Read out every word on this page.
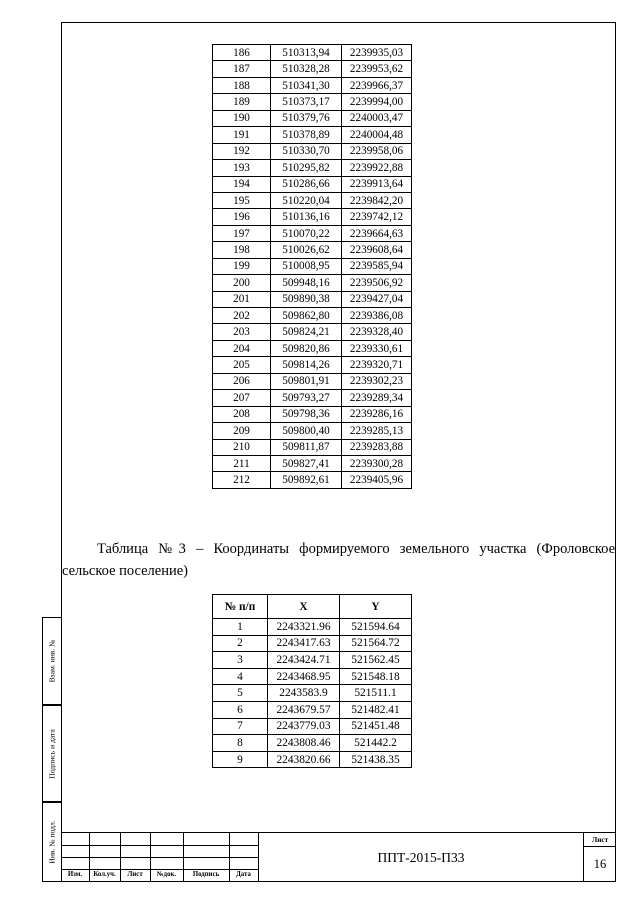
186	510313,94	2239935,03
187	510328,28	2239953,62
188	510341,30	2239966,37
189	510373,17	2239994,00
190	510379,76	2240003,47
191	510378,89	2240004,48
192	510330,70	2239958,06
193	510295,82	2239922,88
194	510286,66	2239913,64
195	510220,04	2239842,20
196	510136,16	2239742,12
197	510070,22	2239664,63
198	510026,62	2239608,64
199	510008,95	2239585,94
200	509948,16	2239506,92
201	509890,38	2239427,04
202	509862,80	2239386,08
203	509824,21	2239328,40
204	509820,86	2239330,61
205	509814,26	2239320,71
206	509801,91	2239302,23
207	509793,27	2239289,34
208	509798,36	2239286,16
209	509800,40	2239285,13
210	509811,87	2239283,88
211	509827,41	2239300,28
212	509892,61	2239405,96
Таблица №3 – Координаты формируемого земельного участка (Фроловское сельское поселение)
№ п/п	X	Y
1	2243321.96	521594.64
2	2243417.63	521564.72
3	2243424.71	521562.45
4	2243468.95	521548.18
5	2243583.9	521511.1
6	2243679.57	521482.41
7	2243779.03	521451.48
8	2243808.46	521442.2
9	2243820.66	521438.35
Взам. инв. №
Подпись и дата
Инв. № подл.
Изм.	Кол.уч.	Лист	№док.	Подпись	Дата
ППТ-2015-П33
Лист
16
